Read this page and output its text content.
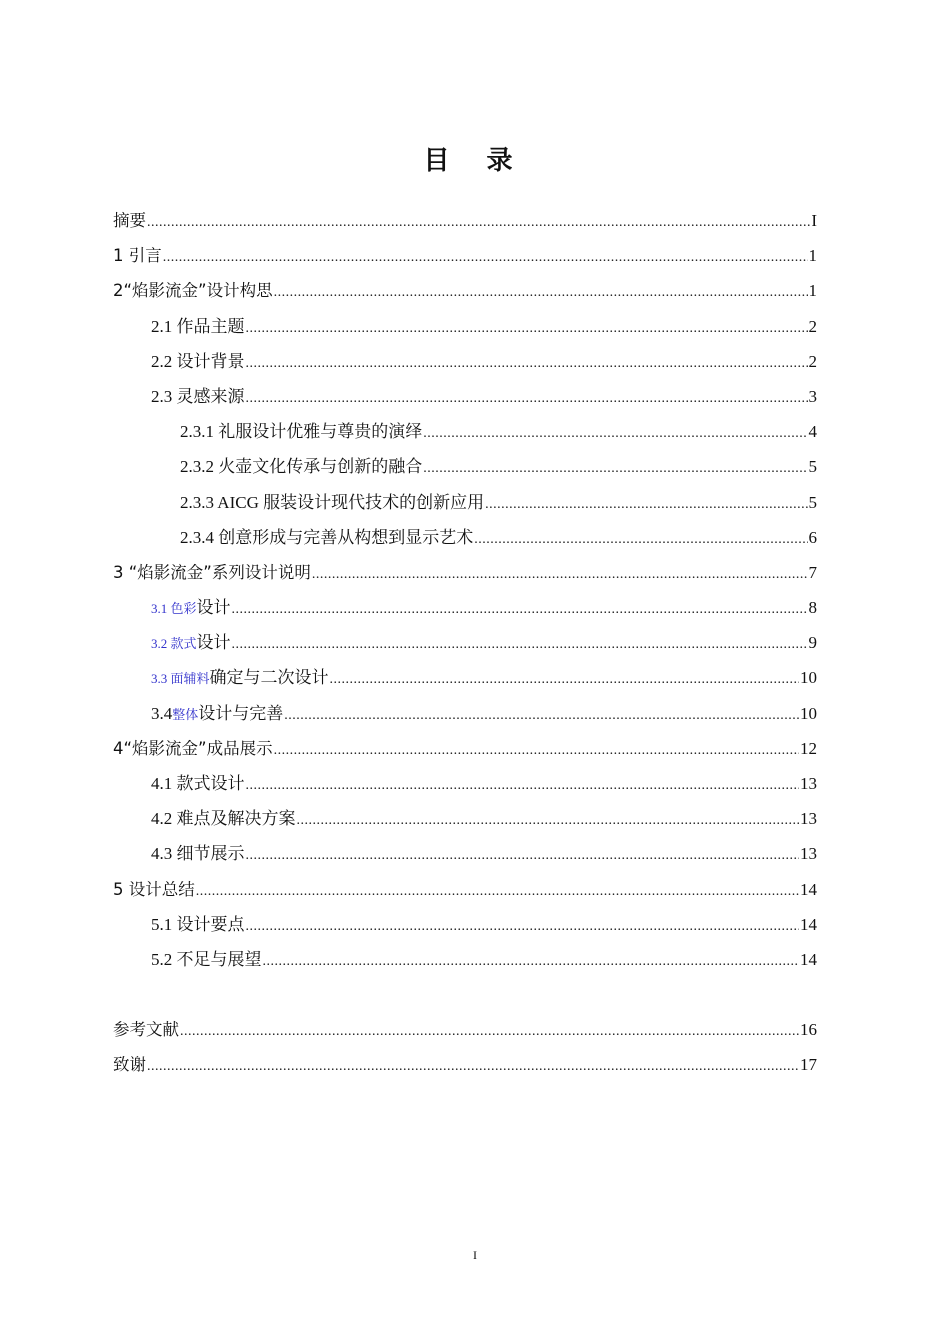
目 录
摘要 .....	I
1 引言 .....	1
2“焰影流金”设计构思 .....	1
2.1 作品主题 .....	2
2.2 设计背景 .....	2
2.3 灵感来源 .....	3
2.3.1 礼服设计优雅与尊贵的演绎 .....	4
2.3.2 火壶文化传承与创新的融合 .....	5
2.3.3 AICG 服装设计现代技术的创新应用 .....	5
2.3.4 创意形成与完善从构想到显示艺术 .....	6
3 “焰影流金”系列设计说明 .....	7
3.1 色彩 设计 .....	8
3.2 款式 设计 .....	9
3.3 面辅料 确定与二次设计 .....	10
3.4 整体 设计与完善 .....	10
4“焰影流金”成品展示 .....	12
4.1 款式设计 .....	13
4.2 难点及解决方案 .....	13
4.3 细节展示 .....	13
5 设计总结 .....	14
5.1 设计要点 .....	14
5.2 不足与展望 .....	14
参考文献 .....	16
致谢 .....	17
I
